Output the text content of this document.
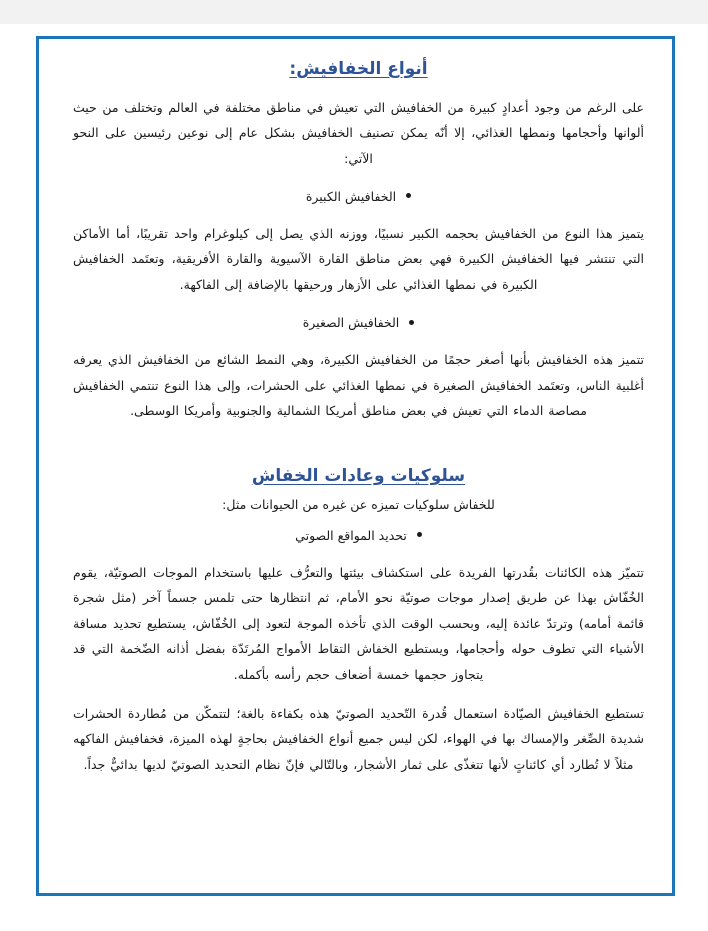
أنواع الخفافيش:

على الرغم من وجود أعدادٍ كبيرة من الخفافيش التي تعيش في مناطق مختلفة في العالم وتختلف من حيث ألوانها وأحجامها ونمطها الغذائي، إلا أنّه يمكن تصنيف الخفافيش بشكل عام إلى نوعين رئيسين على النحو الآتي:

الخفافيش الكبيرة

يتميز هذا النوع من الخفافيش بحجمه الكبير نسبيًا، ووزنه الذي يصل إلى كيلوغرام واحد تقريبًا، أما الأماكن التي تنتشر فيها الخفافيش الكبيرة فهي بعض مناطق القارة الآسيوية والقارة الأفريقية، وتعتَمد الخفافيش الكبيرة في نمطها الغذائي على الأزهار ورحيقها بالإضافة إلى الفاكهة.

الخفافيش الصغيرة

تتميز هذه الخفافيش بأنها أصغر حجمًا من الخفافيش الكبيرة، وهي النمط الشائع من الخفافيش الذي يعرفه أغلبية الناس، وتعتَمد الخفافيش الصغيرة في نمطها الغذائي على الحشرات، وإلى هذا النوع تنتمي الخفافيش مصاصة الدماء التي تعيش في بعض مناطق أمريكا الشمالية والجنوبية وأمريكا الوسطى.

سلوكيات وعادات الخفاش

للخفاش سلوكيات تميزه عن غيره من الحيوانات مثل:

تحديد المواقع الصوتي

تتميّز هذه الكائنات بقُدرتها الفريدة على استكشاف بيئتها والتعرُّف عليها باستخدام الموجات الصوتيّة، يقوم الخُفّاش بهذا عن طريق إصدار موجات صوتيّة نحو الأمام، ثم انتظارها حتى تلمس جسماً آخر (مثل شجرة قائمة أمامه) وترتدّ عائدة إليه، وبحسب الوقت الذي تأخذه الموجة لتعود إلى الخُفّاش، يستطيع تحديد مسافة الأشياء التي تطوف حوله وأحجامها، ويستطيع الخفاش التقاط الأمواج المُرتَدّة بفضل أذانه الضّخمة التي قد يتجاوز حجمها خمسة أضعاف حجم رأسه بأكمله.

تستطيع الخفافيش الصيّادة استعمال قُدرة التّحديد الصوتيّ هذه بكفاءة بالغة؛ لتتمكّن من مُطاردة الحشرات شديدة الصِّغر والإمساك بها في الهواء، لكن ليس جميع أنواع الخفافيش بحاجةٍ لهذه الميزة، فخفافيش الفاكهه مثلاً لا تُطارد أي كائناتٍ لأنها تتغذّى على ثمار الأشجار، وبالتّالي فإنّ نظام التحديد الصوتيّ لديها بدائيٌّ جداً.
